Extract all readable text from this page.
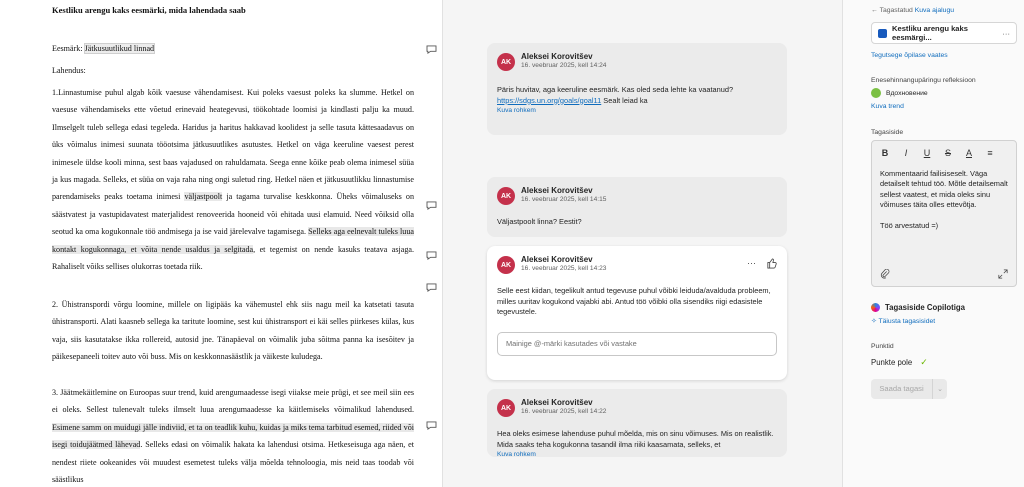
Kestliku arengu kaks eesmärki, mida lahendada saab
Eesmärk: Jätkusuutlikud linnad
Lahendus:
1.Linnastumise puhul algab kõik vaesuse vähendamisest. Kui poleks vaesust poleks ka slumme. Hetkel on vaesuse vähendamiseks ette võetud erinevaid heategevusi, töökohtade loomisi ja kindlasti palju ka muud. Ilmselgelt tuleb sellega edasi tegeleda. Haridus ja haritus hakkavad koolidest ja selle tasuta kättesaadavus on üks võimalus inimesi suunata tööotsima jätkusuutlikes asutustes. Hetkel on väga keeruline vaesest perest inimesele üldse kooli minna, sest baas vajadused on rahuldamata. Seega enne kõike peab olema inimesel süüa ja kus magada. Selleks, et süüa on vaja raha ning ongi suletud ring. Hetkel näen et jätkusuutlikku linnastumise parendamiseks peaks toetama inimesi väljastpoolt ja tagama turvalise keskkonna. Üheks võimaluseks on säästvatest ja vastupidavatest materjalidest renoveerida hooneid või ehitada uusi elamuid. Need võiksid olla seotud ka oma kogukonnale töö andmisega ja ise vaid järelevalve tagamisega. Selleks aga eelnevalt tuleks luua kontakt kogukonnaga, et võita nende usaldus ja selgitada, et tegemist on nende kasuks teatava asjaga. Rahaliselt võiks sellises olukorras toetada riik.
2. Ühistranspordi võrgu loomine, millele on ligipääs ka vähemustel ehk siis nagu meil ka katsetati tasuta ühistransporti. Alati kaasneb sellega ka taritute loomine, sest kui ühistransport ei käi selles piirkeses külas, kus vaja, siis kasutatakse ikka rollereid, autosid jne. Tänapäeval on võimalik juba sõitma panna ka isesõitev ja päikesepaneeli toitev auto või buss. Mis on keskkonnasäästlik ja väikeste kuludega.
3. Jäätmekäitlemine on Euroopas suur trend, kuid arengumaadesse isegi viiakse meie prügi, et see meil siin ees ei oleks. Sellest tulenevalt tuleks ilmselt luua arengumaadesse ka käitlemiseks võimalikud lahendused. Esimene samm on muidugi jälle indiviid, et ta on teadlik kuhu, kuidas ja miks tema tarbitud esemed, riided või isegi toidujäätmed lähevad. Selleks edasi on võimalik hakata ka lahendusi otsima. Hetkeseisuga aga näen, et nendest riiete ookeanides või muudest esemetest tuleks välja mõelda tehnoloogia, mis neid taas toodab või säästlikus
AK
Aleksei Korovitšev
16. veebruar 2025, kell 14:24
Päris huvitav, aga keeruline eesmärk. Kas oled seda lehte ka vaatanud?
https://sdgs.un.org/goals/goal11 Sealt leiad ka
Kuva rohkem
AK
Aleksei Korovitšev
16. veebruar 2025, kell 14:15
Väljastpoolt linna? Eestit?
AK
Aleksei Korovitšev
16. veebruar 2025, kell 14:23
···
Selle eest kiidan, tegelikult antud tegevuse puhul võibki leiduda/avalduda probleem, milles uuritav kogukond vajabki abi. Antud töö võibki olla sisendiks riigi edasistele tegevustele.
Mainige @-märki kasutades või vastake
AK
Aleksei Korovitšev
16. veebruar 2025, kell 14:22
Hea oleks esimese lahenduse puhul mõelda, mis on sinu võimuses. Mis on realistlik. Mida saaks teha kogukonna tasandil ilma riiki kaasamata, selleks, et
Kuva rohkem
← Tagastatud Kuva ajalugu
Kestliku arengu kaks eesmärgi...	···
Tegutsege õpilase vaates
Enesehinnangupäringu refleksioon
Вдохновение
Kuva trend
Tagasiside
B	I	U S A ≡

Kommentaarid failisiseselt. Väga detailselt tehtud töö. Mõtle detailsemalt sellest vaatest, et mida oleks sinu võimuses täita olles ettevõtja.

Töö arvestatud =)

Tagasiside Copilotiga
✧ Täiusta tagasisidet
Punktid
Punkte pole ✓
Saada tagasi	⌄
